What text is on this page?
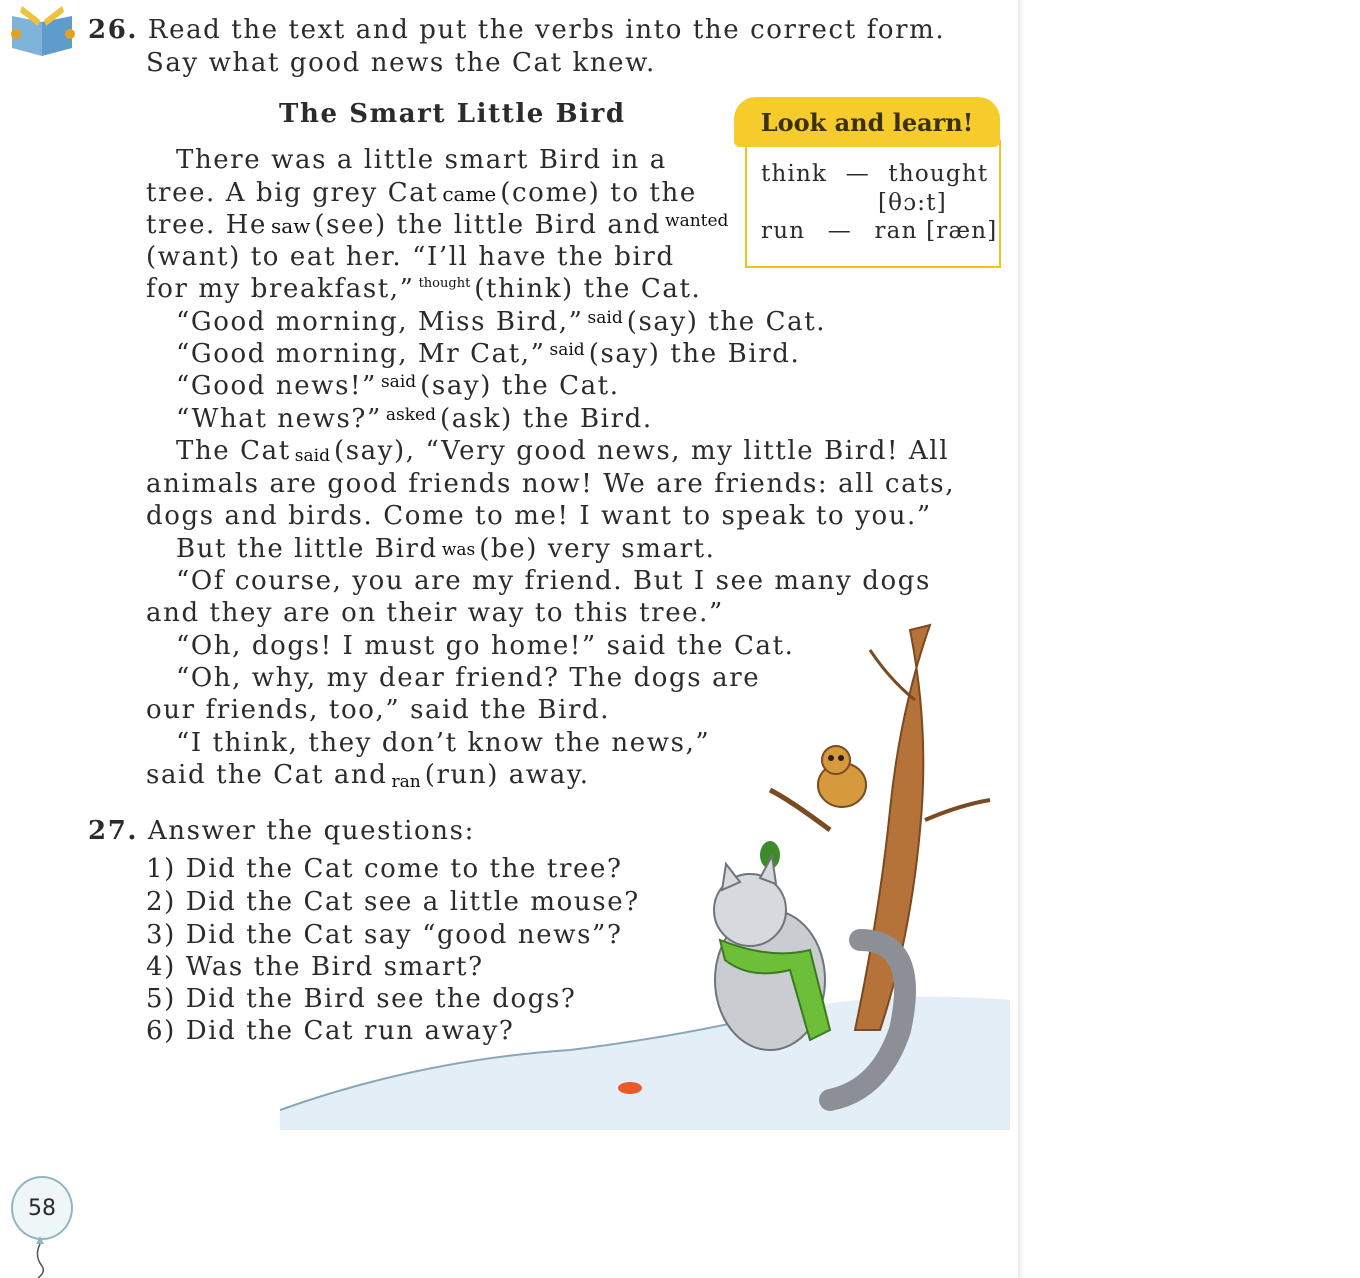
26. Read the text and put the verbs into the correct form.
Say what good news the Cat knew.
The Smart Little Bird	Look and learn!
think — thought
[θɔ:t]
run — ran [ræn]
There was a little smart Bird in a
tree. A big grey Cat came (come) to the
tree. He saw (see) the little Bird and $^{wanted}$
(want) to eat her. “I’ll have the bird
for my breakfast,” $^{thought}$ (think) the Cat.
“Good morning, Miss Bird,” $^{said}$ (say) the Cat.
“Good morning, Mr Cat,” $^{said}$ (say) the Bird.
“Good news!” $^{said}$ (say) the Cat.
“What news?” $^{asked}$ (ask) the Bird.
The Cat said (say), “Very good news, my little Bird! All
animals are good friends now! We are friends: all cats,
dogs and birds. Come to me! I want to speak to you.”
But the little Bird was (be) very smart.
“Of course, you are my friend. But I see many dogs
and they are on their way to this tree.”
“Oh, dogs! I must go home!” said the Cat.
“Oh, why, my dear friend? The dogs are
our friends, too,” said the Bird.
“I think, they don’t know the news,”
said the Cat and ran (run) away.
27. Answer the questions:
1) Did the Cat come to the tree?
2) Did the Cat see a little mouse?
3) Did the Cat say “good news”?
4) Was the Bird smart?
5) Did the Bird see the dogs?
6) Did the Cat run away?
58
